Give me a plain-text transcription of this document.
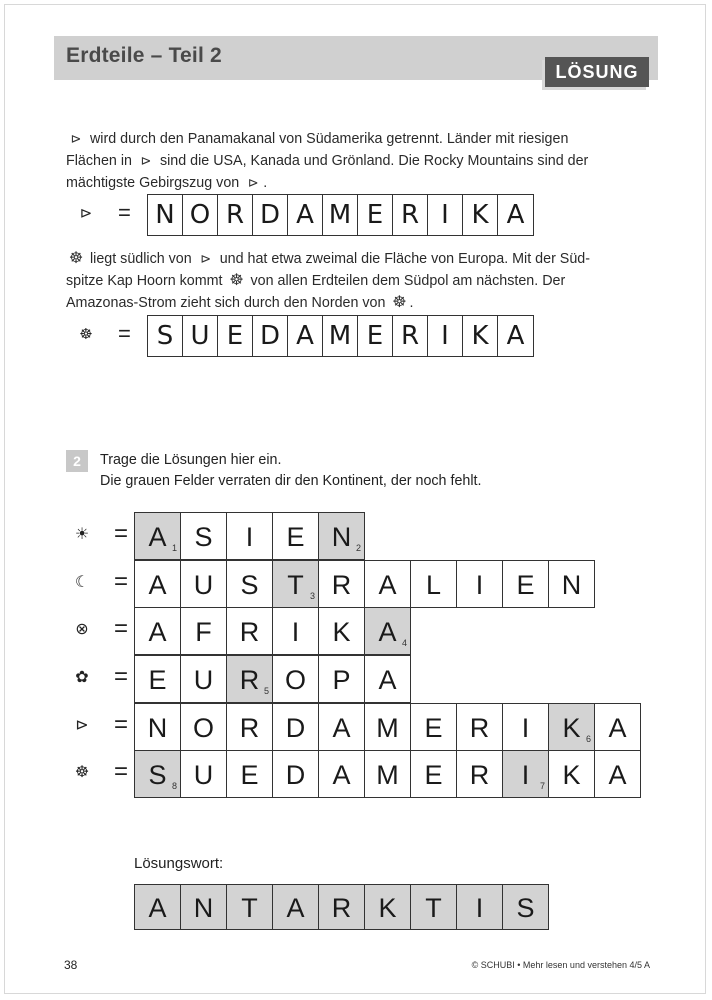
Erdteile – Teil 2
LÖSUNG
⊳ wird durch den Panamakanal von Südamerika getrennt. Länder mit riesigen
Flächen in ⊳ sind die USA, Kanada und Grönland. Die Rocky Mountains sind der
mächtigste Gebirgszug von ⊳ .
⊳ = N O R D A M E R I K A
☸ liegt südlich von ⊳ und hat etwa zweimal die Fläche von Europa. Mit der Süd-
spitze Kap Hoorn kommt ☸ von allen Erdteilen dem Südpol am nächsten. Der
Amazonas-Strom zieht sich durch den Norden von ☸ .
☸ = S U E D A M E R I K A
2	Trage die Lösungen hier ein.
Die grauen Felder verraten dir den Kontinent, der noch fehlt.
☀ = A 1 S	I	E	N 2
☾ = A	U	S	T 3 R	A	L	I	E	N
⊗ = A	F	R	I	K	A 4
✿ = E	U R 5 O P	A
⊳ = N O R D	A M E	R	I	K 6 A
☸ = S 8 U	E	D	A M E	R	I 7 K	A
Lösungswort:
A	N	T	A	R	K	T	I	S
38	© SCHUBI • Mehr lesen und verstehen 4/5 A
